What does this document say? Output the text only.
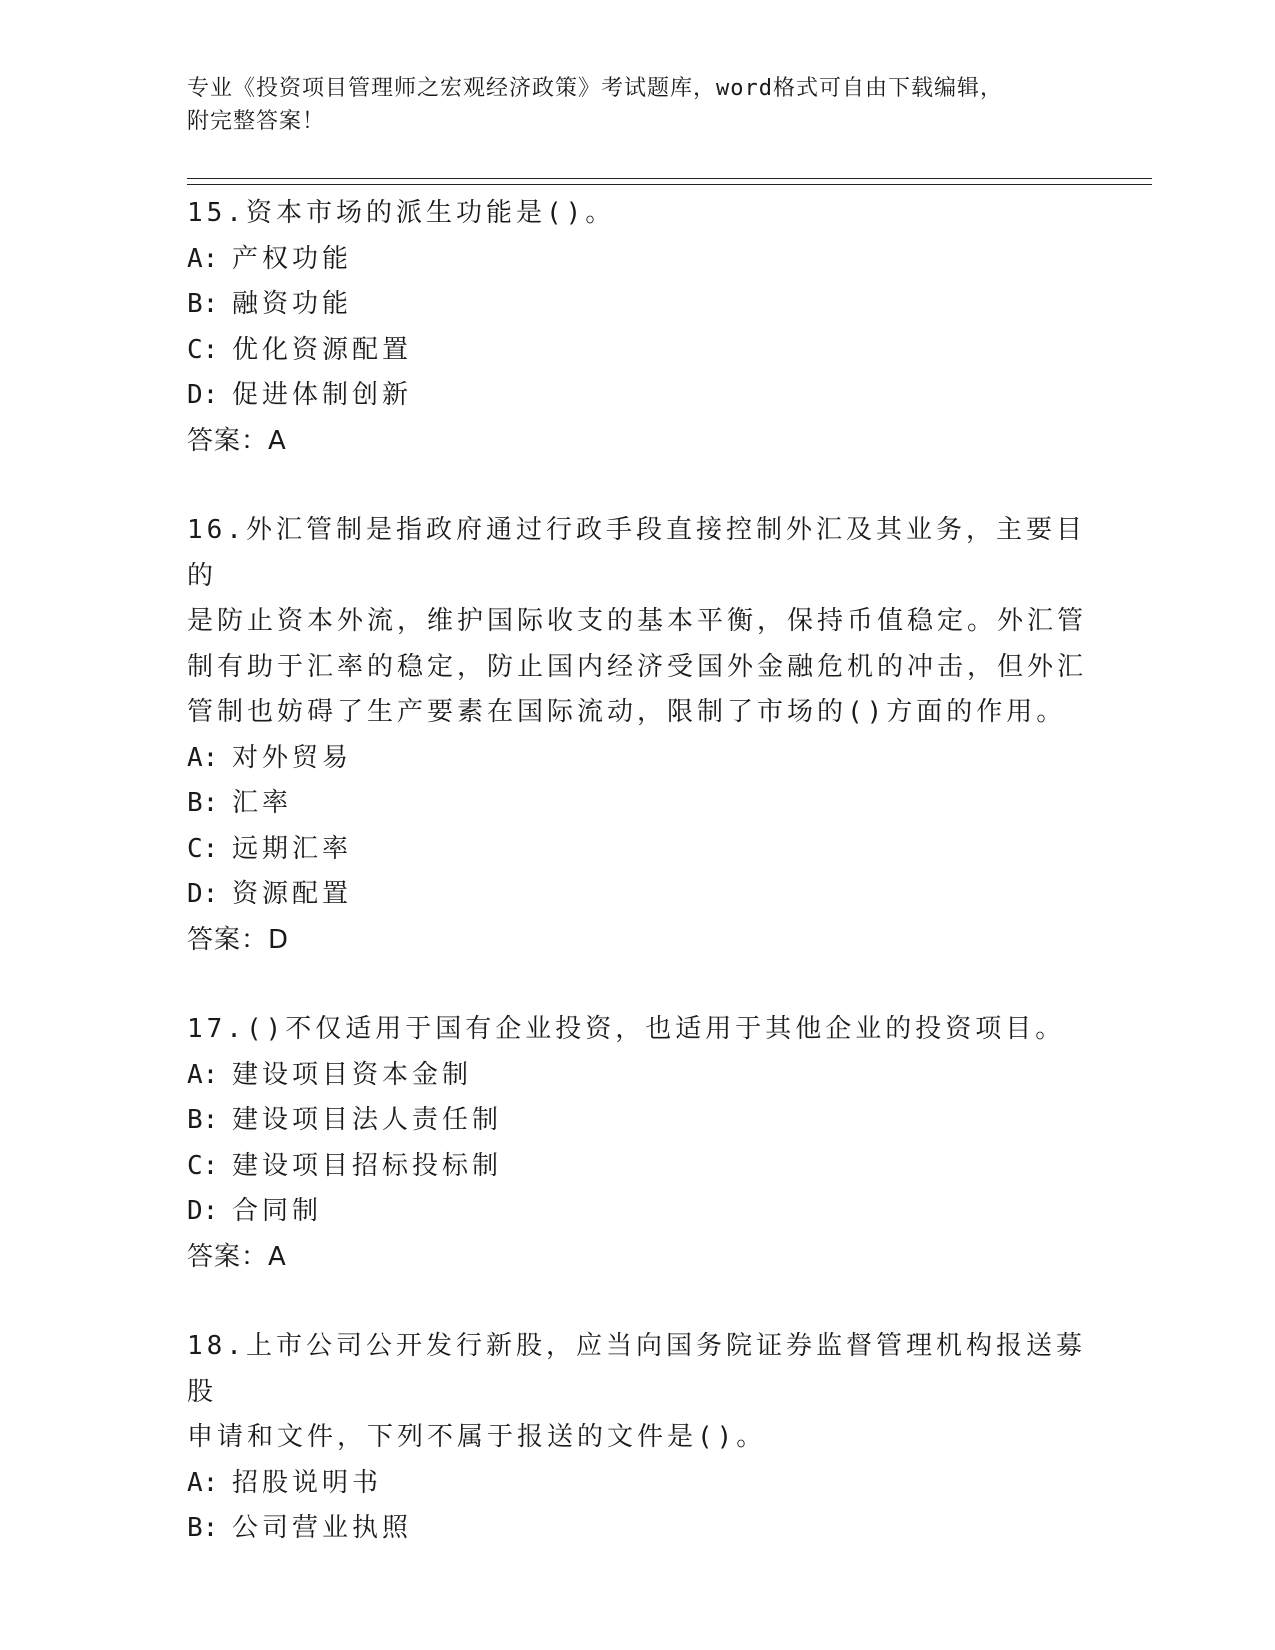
专业《投资项目管理师之宏观经济政策》考试题库，word格式可自由下载编辑，
附完整答案！
15.资本市场的派生功能是()。
A: 产权功能
B: 融资功能
C: 优化资源配置
D: 促进体制创新
答案：A
16.外汇管制是指政府通过行政手段直接控制外汇及其业务，主要目的
是防止资本外流，维护国际收支的基本平衡，保持币值稳定。外汇管
制有助于汇率的稳定，防止国内经济受国外金融危机的冲击，但外汇
管制也妨碍了生产要素在国际流动，限制了市场的()方面的作用。
A: 对外贸易
B: 汇率
C: 远期汇率
D: 资源配置
答案：D
17.()不仅适用于国有企业投资，也适用于其他企业的投资项目。
A: 建设项目资本金制
B: 建设项目法人责任制
C: 建设项目招标投标制
D: 合同制
答案：A
18.上市公司公开发行新股，应当向国务院证券监督管理机构报送募股
申请和文件，下列不属于报送的文件是()。
A: 招股说明书
B: 公司营业执照
